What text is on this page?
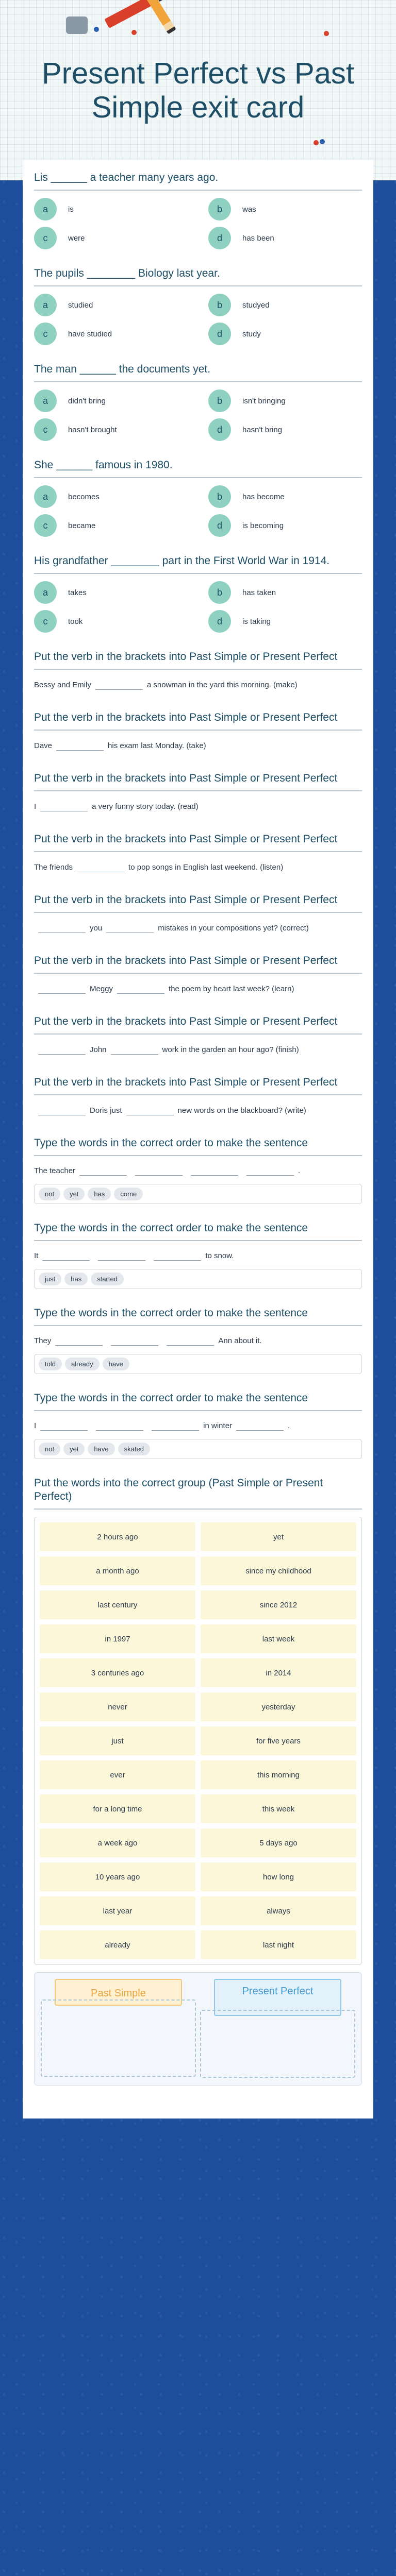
Present Perfect vs Past Simple exit card
Lis ______ a teacher many years ago.
a	is	b	was
c	were	d	has been
The pupils ________ Biology last year.
a	studied	b	studyed
c	have studied	d	study
The man ______ the documents yet.
a	didn't bring	b	isn't bringing
c	hasn't brought	d	hasn't bring
She ______ famous in 1980.
a	becomes	b	has become
c	became	d	is becoming
His grandfather ________ part in the First World War in 1914.
a	takes	b	has taken
c	took	d	is taking
Put the verb in the brackets into Past Simple or Present Perfect
Bessy and Emily	a snowman in the yard this morning. (make)
Put the verb in the brackets into Past Simple or Present Perfect
Dave	his exam last Monday. (take)
Put the verb in the brackets into Past Simple or Present Perfect
I	a very funny story today. (read)
Put the verb in the brackets into Past Simple or Present Perfect
The friends	to pop songs in English last weekend. (listen)
Put the verb in the brackets into Past Simple or Present Perfect
you	mistakes in your compositions yet? (correct)
Put the verb in the brackets into Past Simple or Present Perfect
Meggy	the poem by heart last week? (learn)
Put the verb in the brackets into Past Simple or Present Perfect
John	work in the garden an hour ago? (finish)
Put the verb in the brackets into Past Simple or Present Perfect
Doris just	new words on the blackboard? (write)
Type the words in the correct order to make the sentence
The teacher	.
not	yet	has	come
Type the words in the correct order to make the sentence
It	to snow.
just	has	started
Type the words in the correct order to make the sentence
They	Ann about it.
told	already	have
Type the words in the correct order to make the sentence
I	in winter	.
not	yet	have	skated
Put the words into the correct group (Past Simple or Present Perfect)
2 hours ago	yet
a month ago	since my childhood
last century	since 2012
in 1997	last week
3 centuries ago	in 2014
never	yesterday
just	for five years
ever	this morning
for a long time	this week
a week ago	5 days ago
10 years ago	how long
last year	always
already	last night
Past Simple	Present Perfect
